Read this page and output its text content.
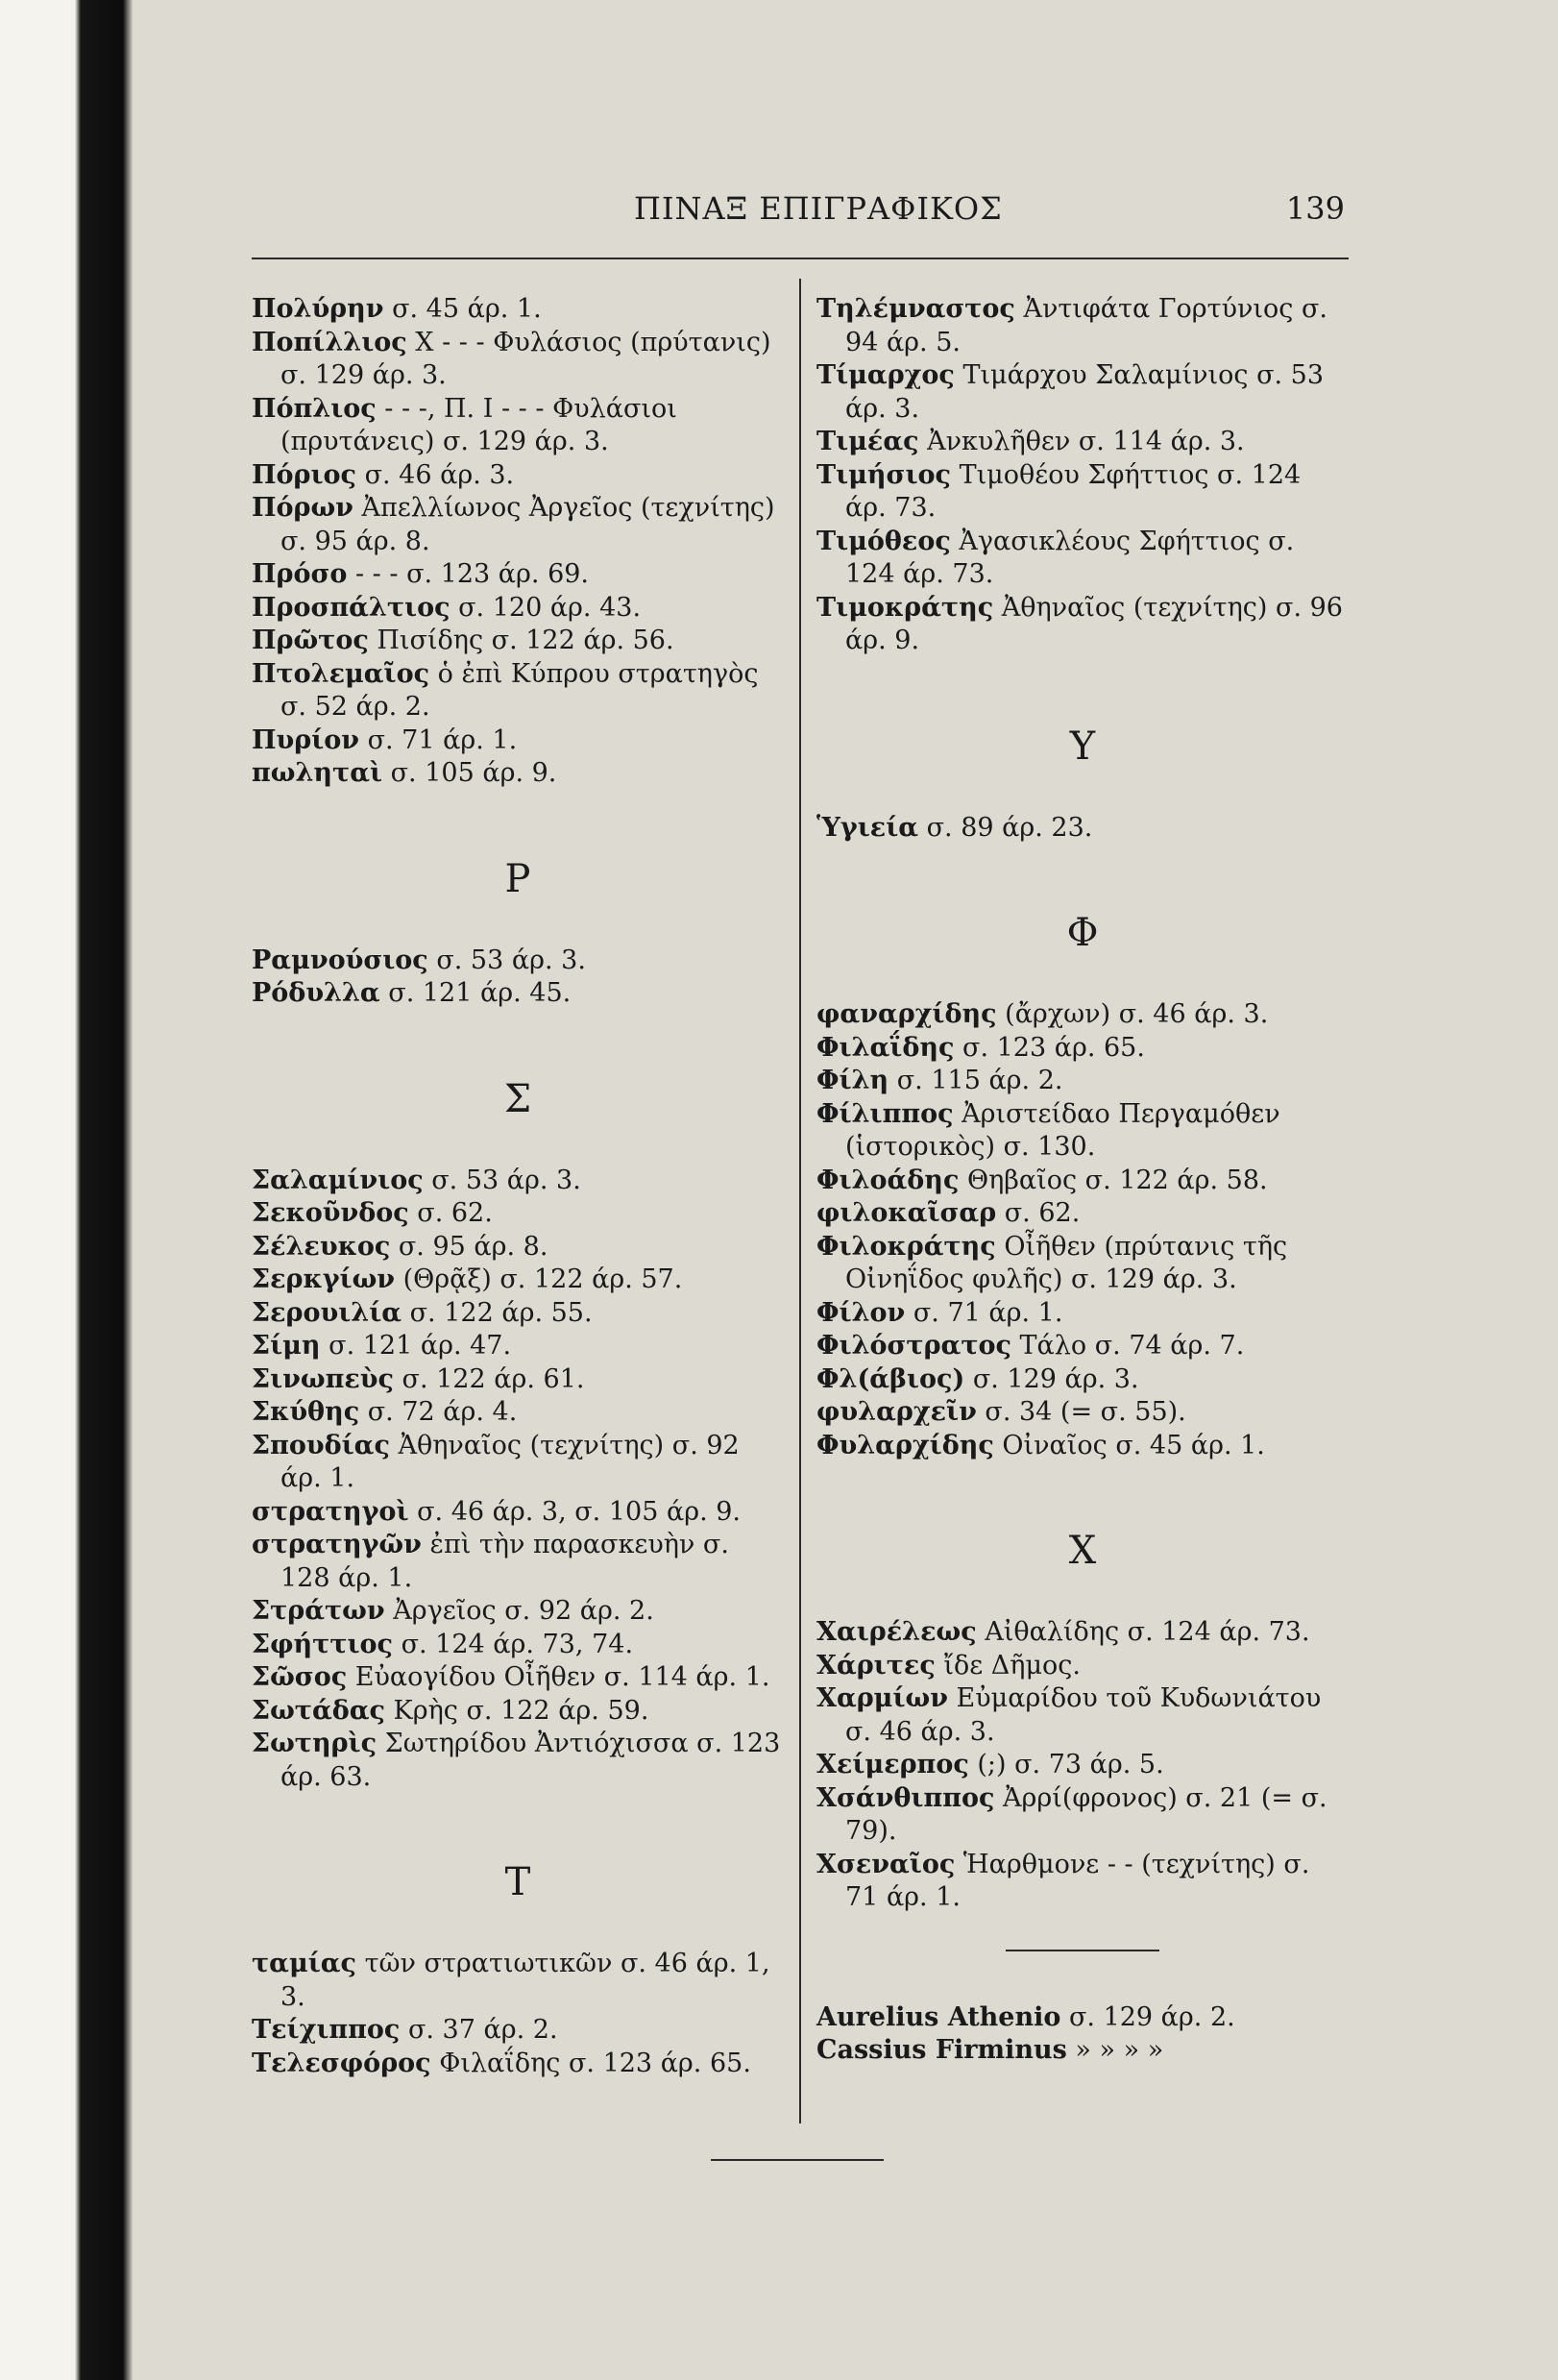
ΠΙΝΑΞ ΕΠΙΓΡΑΦΙΚΟΣ	139

Πολύρην σ. 45 άρ. 1.

Ποπίλλιος Χ - - - Φυλάσιος (πρύτανις) σ. 129 άρ. 3.

Πόπλιος - - -, Π. Ι - - - Φυλάσιοι (πρυτάνεις) σ. 129 άρ. 3.

Πόριος σ. 46 άρ. 3.

Πόρων Ἀπελλίωνος Ἀργεῖος (τεχνίτης) σ. 95 άρ. 8.

Πρόσο - - - σ. 123 άρ. 69.

Προσπάλτιος σ. 120 άρ. 43.

Πρῶτος Πισίδης σ. 122 άρ. 56.

Πτολεμαῖος ὁ ἐπὶ Κύπρου στρατηγὸς σ. 52 άρ. 2.

Πυρίον σ. 71 άρ. 1.

πωληταὶ σ. 105 άρ. 9.

Ρ

Ραμνούσιος σ. 53 άρ. 3.

Ρόδυλλα σ. 121 άρ. 45.

Σ

Σαλαμίνιος σ. 53 άρ. 3.

Σεκοῦνδος σ. 62.

Σέλευκος σ. 95 άρ. 8.

Σερκγίων (Θρᾷξ) σ. 122 άρ. 57.

Σερουιλία σ. 122 άρ. 55.

Σίμη σ. 121 άρ. 47.

Σινωπεὺς σ. 122 άρ. 61.

Σκύθης σ. 72 άρ. 4.

Σπουδίας Ἀθηναῖος (τεχνίτης) σ. 92 άρ. 1.

στρατηγοὶ σ. 46 άρ. 3, σ. 105 άρ. 9.

στρατηγῶν ἐπὶ τὴν παρασκευὴν σ. 128 άρ. 1.

Στράτων Ἀργεῖος σ. 92 άρ. 2.

Σφήττιος σ. 124 άρ. 73, 74.

Σῶσος Εὐαογίδου Οἶῆθεν σ. 114 άρ. 1.

Σωτάδας Κρὴς σ. 122 άρ. 59.

Σωτηρὶς Σωτηρίδου Ἀντιόχισσα σ. 123 άρ. 63.

Τ

ταμίας τῶν στρατιωτικῶν σ. 46 άρ. 1, 3.

Τείχιππος σ. 37 άρ. 2.

Τελεσφόρος Φιλαΐδης σ. 123 άρ. 65.

Τηλέμναστος Ἀντιφάτα Γορτύνιος σ. 94 άρ. 5.

Τίμαρχος Τιμάρχου Σαλαμίνιος σ. 53 άρ. 3.

Τιμέας Ἀνκυλῆθεν σ. 114 άρ. 3.

Τιμήσιος Τιμοθέου Σφήττιος σ. 124 άρ. 73.

Τιμόθεος Ἀγασικλέους Σφήττιος σ. 124 άρ. 73.

Τιμοκράτης Ἀθηναῖος (τεχνίτης) σ. 96 άρ. 9.

Υ

Ὑγιεία σ. 89 άρ. 23.

Φ

φαναρχίδης (ἄρχων) σ. 46 άρ. 3.

Φιλαΐδης σ. 123 άρ. 65.

Φίλη σ. 115 άρ. 2.

Φίλιππος Ἀριστείδαο Περγαμόθεν (ἱστορικὸς) σ. 130.

Φιλοάδης Θηβαῖος σ. 122 άρ. 58.

φιλοκαῖσαρ σ. 62.

Φιλοκράτης Οἶῆθεν (πρύτανις τῆς Οἰνηΐδος φυλῆς) σ. 129 άρ. 3.

Φίλον σ. 71 άρ. 1.

Φιλόστρατος Τάλο σ. 74 άρ. 7.

Φλ(άβιος) σ. 129 άρ. 3.

φυλαρχεῖν σ. 34 (= σ. 55).

Φυλαρχίδης Οἰναῖος σ. 45 άρ. 1.

Χ

Χαιρέλεως Αἰθαλίδης σ. 124 άρ. 73.

Χάριτες ἴδε Δῆμος.

Χαρμίων Εὐμαρίδου τοῦ Κυδωνιάτου σ. 46 άρ. 3.

Χείμερπος (;) σ. 73 άρ. 5.

Χσάνθιππος Ἀρρί(φρονος) σ. 21 (= σ. 79).

Χσεναῖος Ἡαρθμονε - - (τεχνίτης) σ. 71 άρ. 1.

Aurelius Athenio σ. 129 άρ. 2.

Cassius Firminus » » » »
